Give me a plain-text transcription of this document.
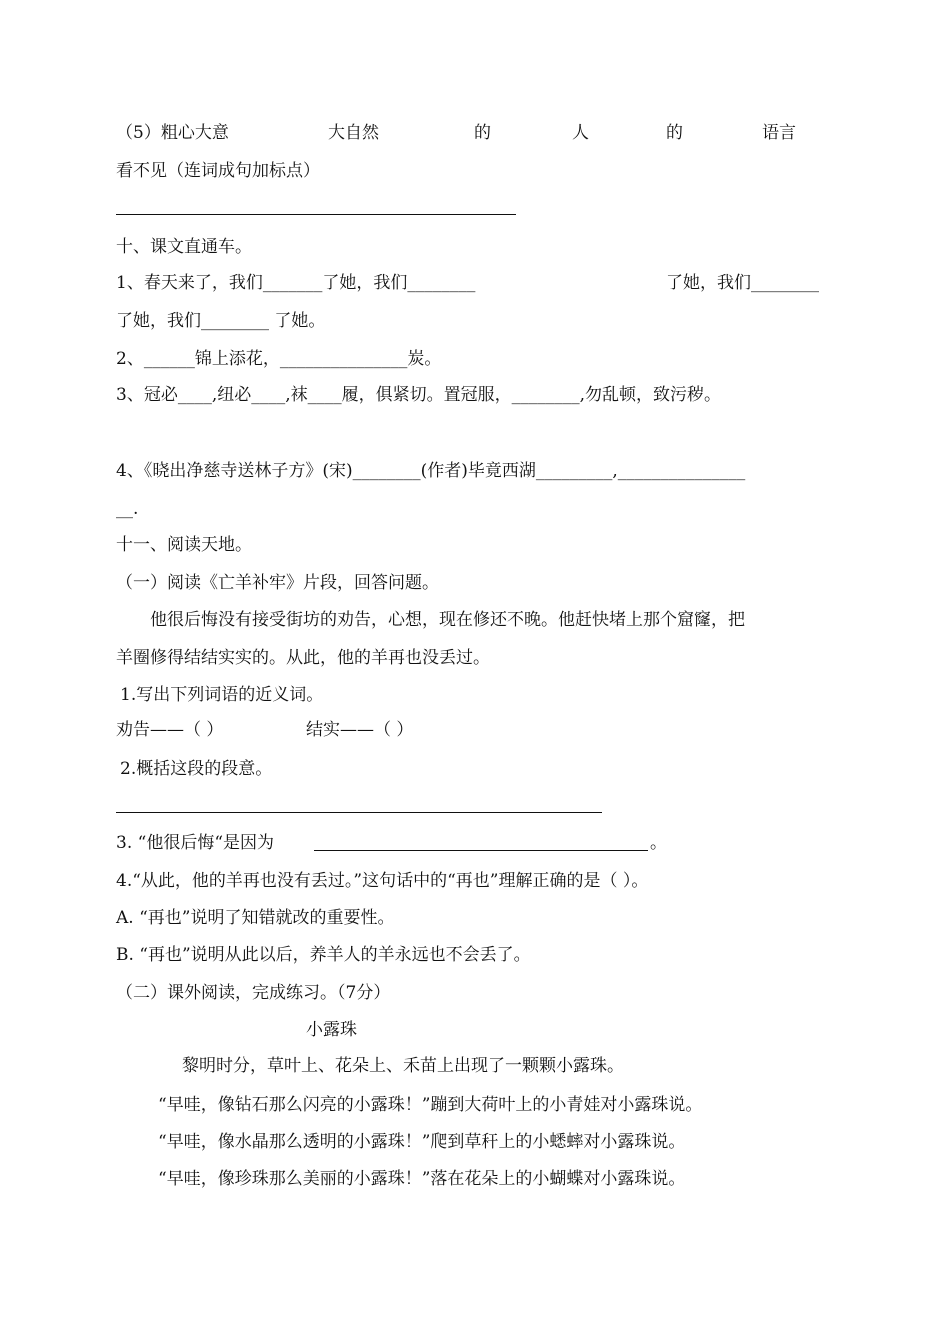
（5）粗心大意	大自然	的	人	的	语言
看不见（连词成句加标点）
十、课文直通车。
1、春天来了，我们_______了她，我们________	了她，我们________
了她，我们________ 了她。
2、______锦上添花，_______________炭。
3、冠必____,纽必____,袜____履，俱紧切。置冠服，________,勿乱顿，致污秽。
4、《晓出净慈寺送林子方》(宋)________(作者)毕竟西湖_________,_______________
__.
十一、阅读天地。
（一）阅读《亡羊补牢》片段，回答问题。
他很后悔没有接受街坊的劝告，心想，现在修还不晚。他赶快堵上那个窟窿，把
羊圈修得结结实实的。从此，他的羊再也没丢过。
1.写出下列词语的近义词。
劝告——（ ）	结实——（ ）
2.概括这段的段意。
3. “他很后悔“是因为	。
4.“从此，他的羊再也没有丢过。”这句话中的“再也”理解正确的是（ ）。
A. “再也”说明了知错就改的重要性。
B. “再也”说明从此以后，养羊人的羊永远也不会丢了。
（二）课外阅读，完成练习。（7分）
小露珠
黎明时分，草叶上、花朵上、禾苗上出现了一颗颗小露珠。
“早哇，像钻石那么闪亮的小露珠！”蹦到大荷叶上的小青娃对小露珠说。
“早哇，像水晶那么透明的小露珠！”爬到草秆上的小蟋蟀对小露珠说。
“早哇，像珍珠那么美丽的小露珠！”落在花朵上的小蝴蝶对小露珠说。
